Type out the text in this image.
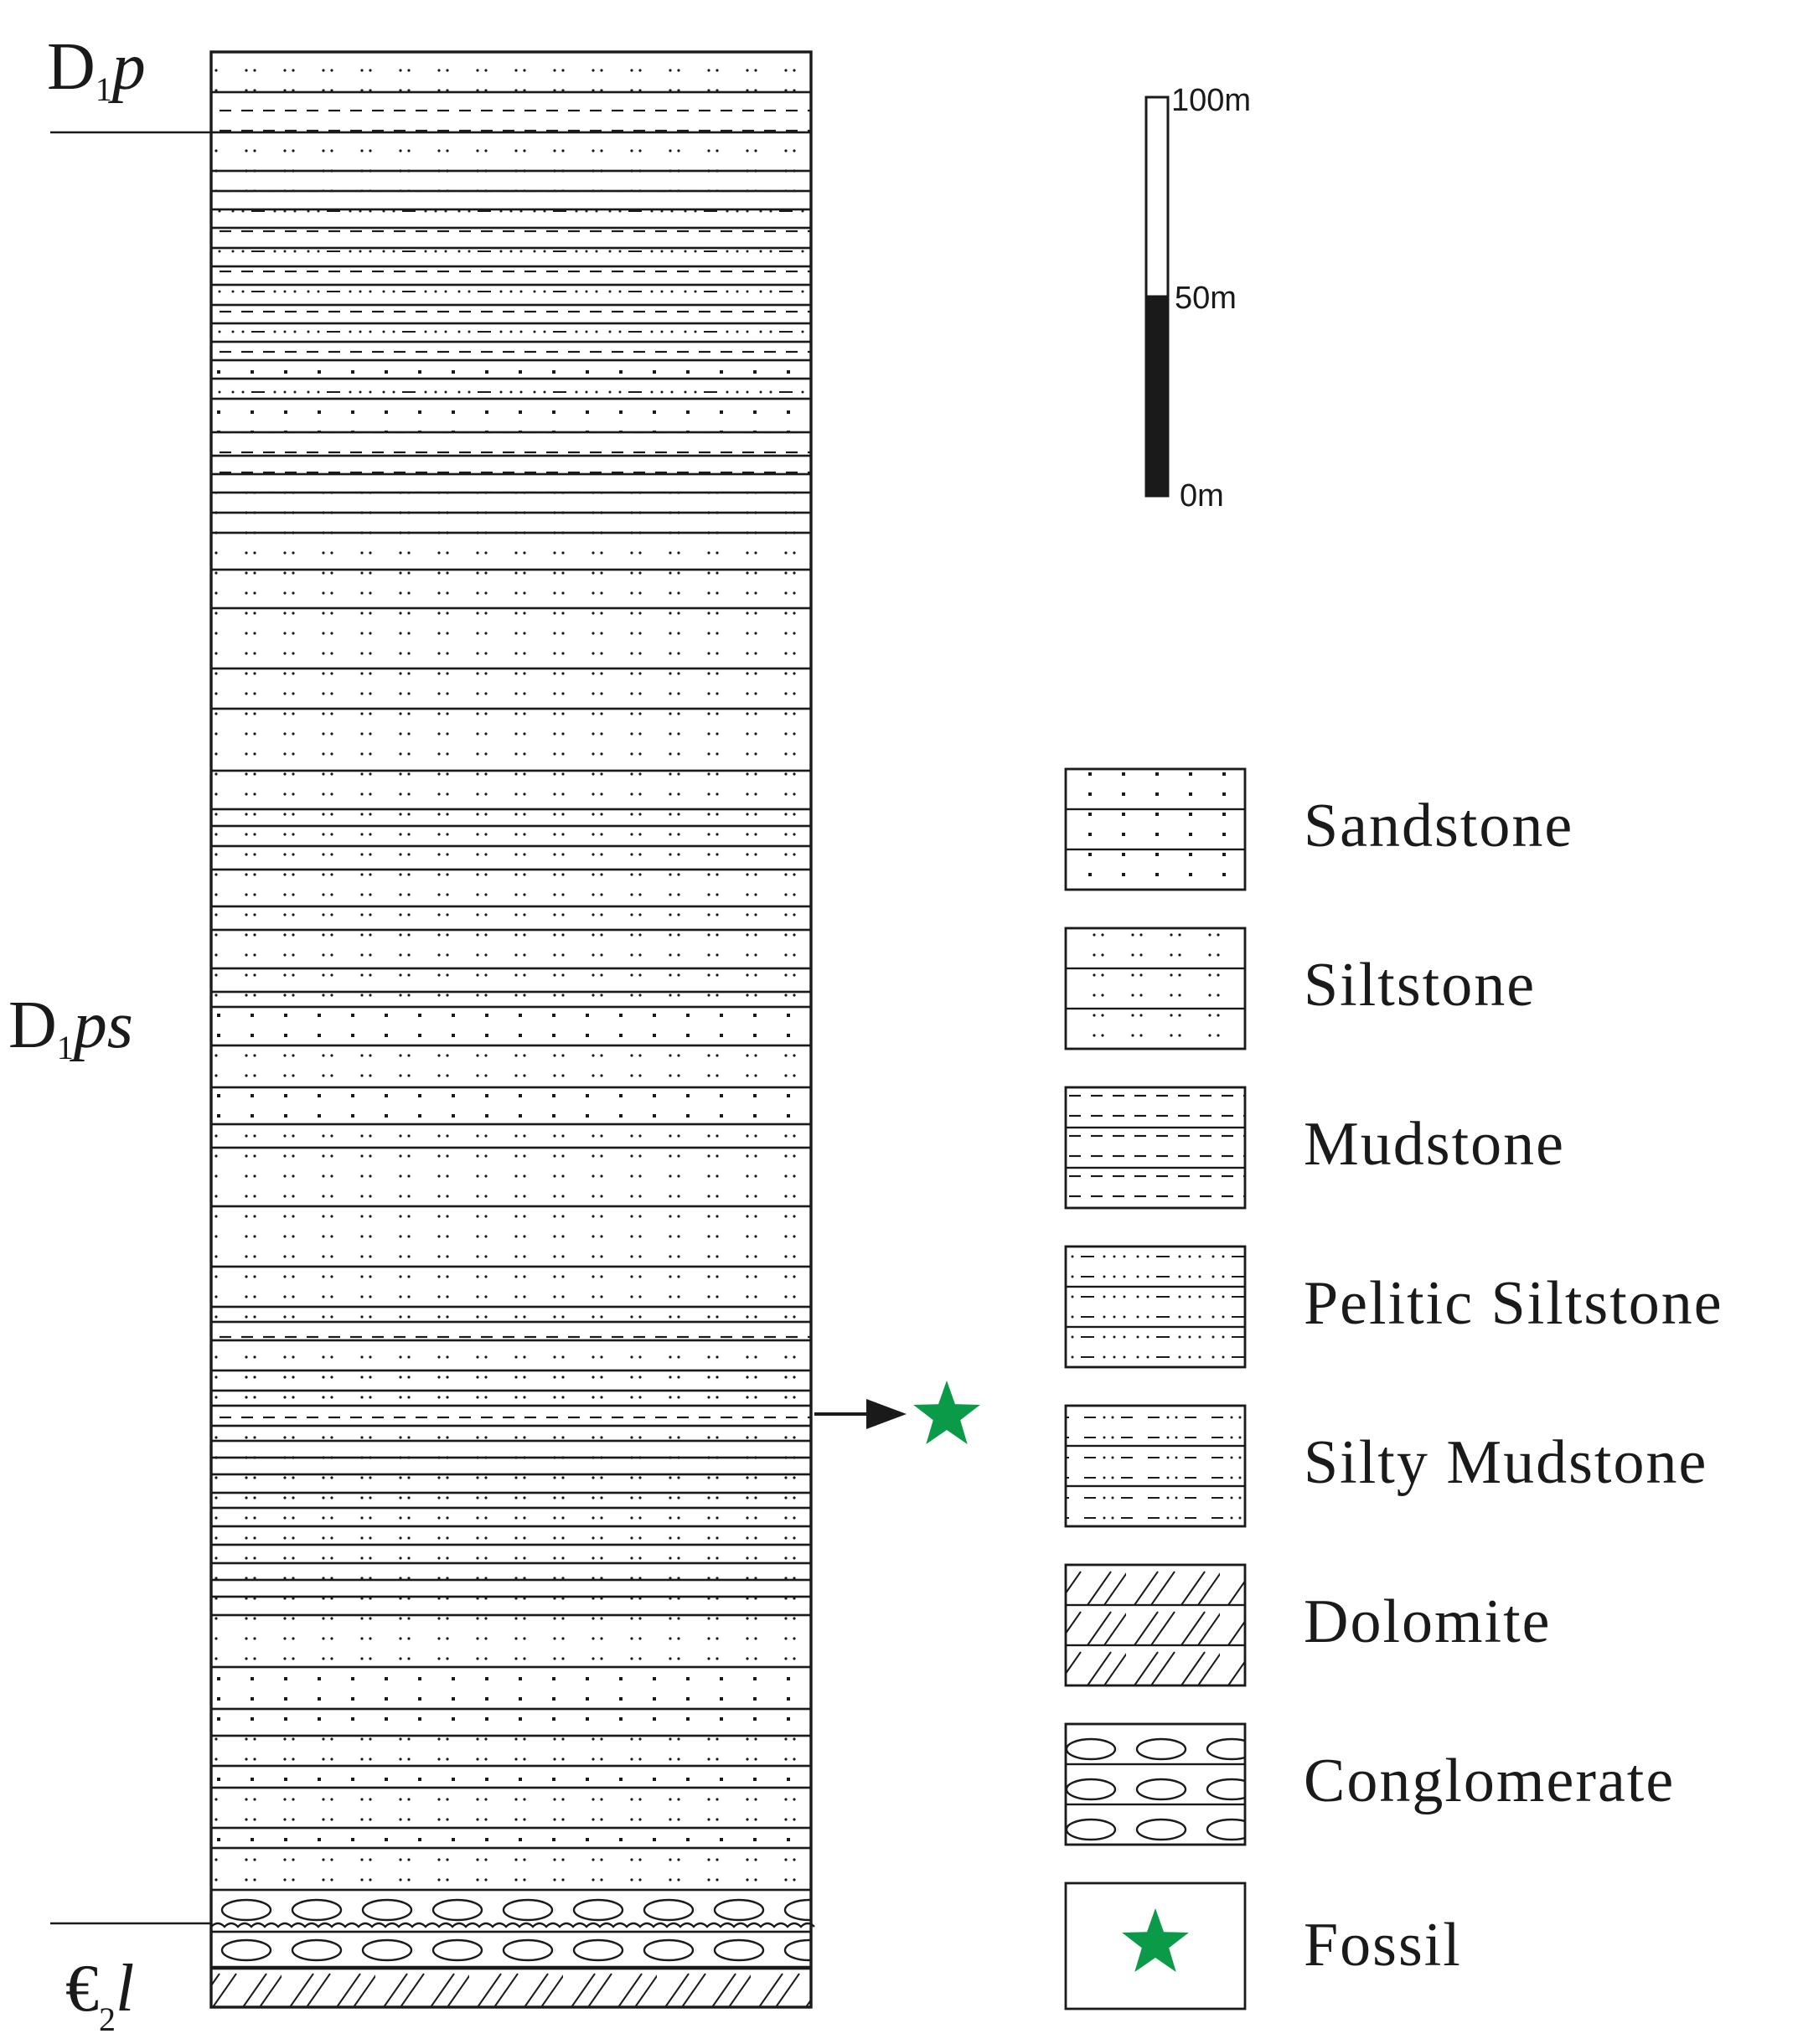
D1p
D1ps
$€_2l$
100m
50m
0m
Sandstone
Siltstone
Mudstone
Pelitic Siltstone
Silty Mudstone
Dolomite
Conglomerate
Fossil
